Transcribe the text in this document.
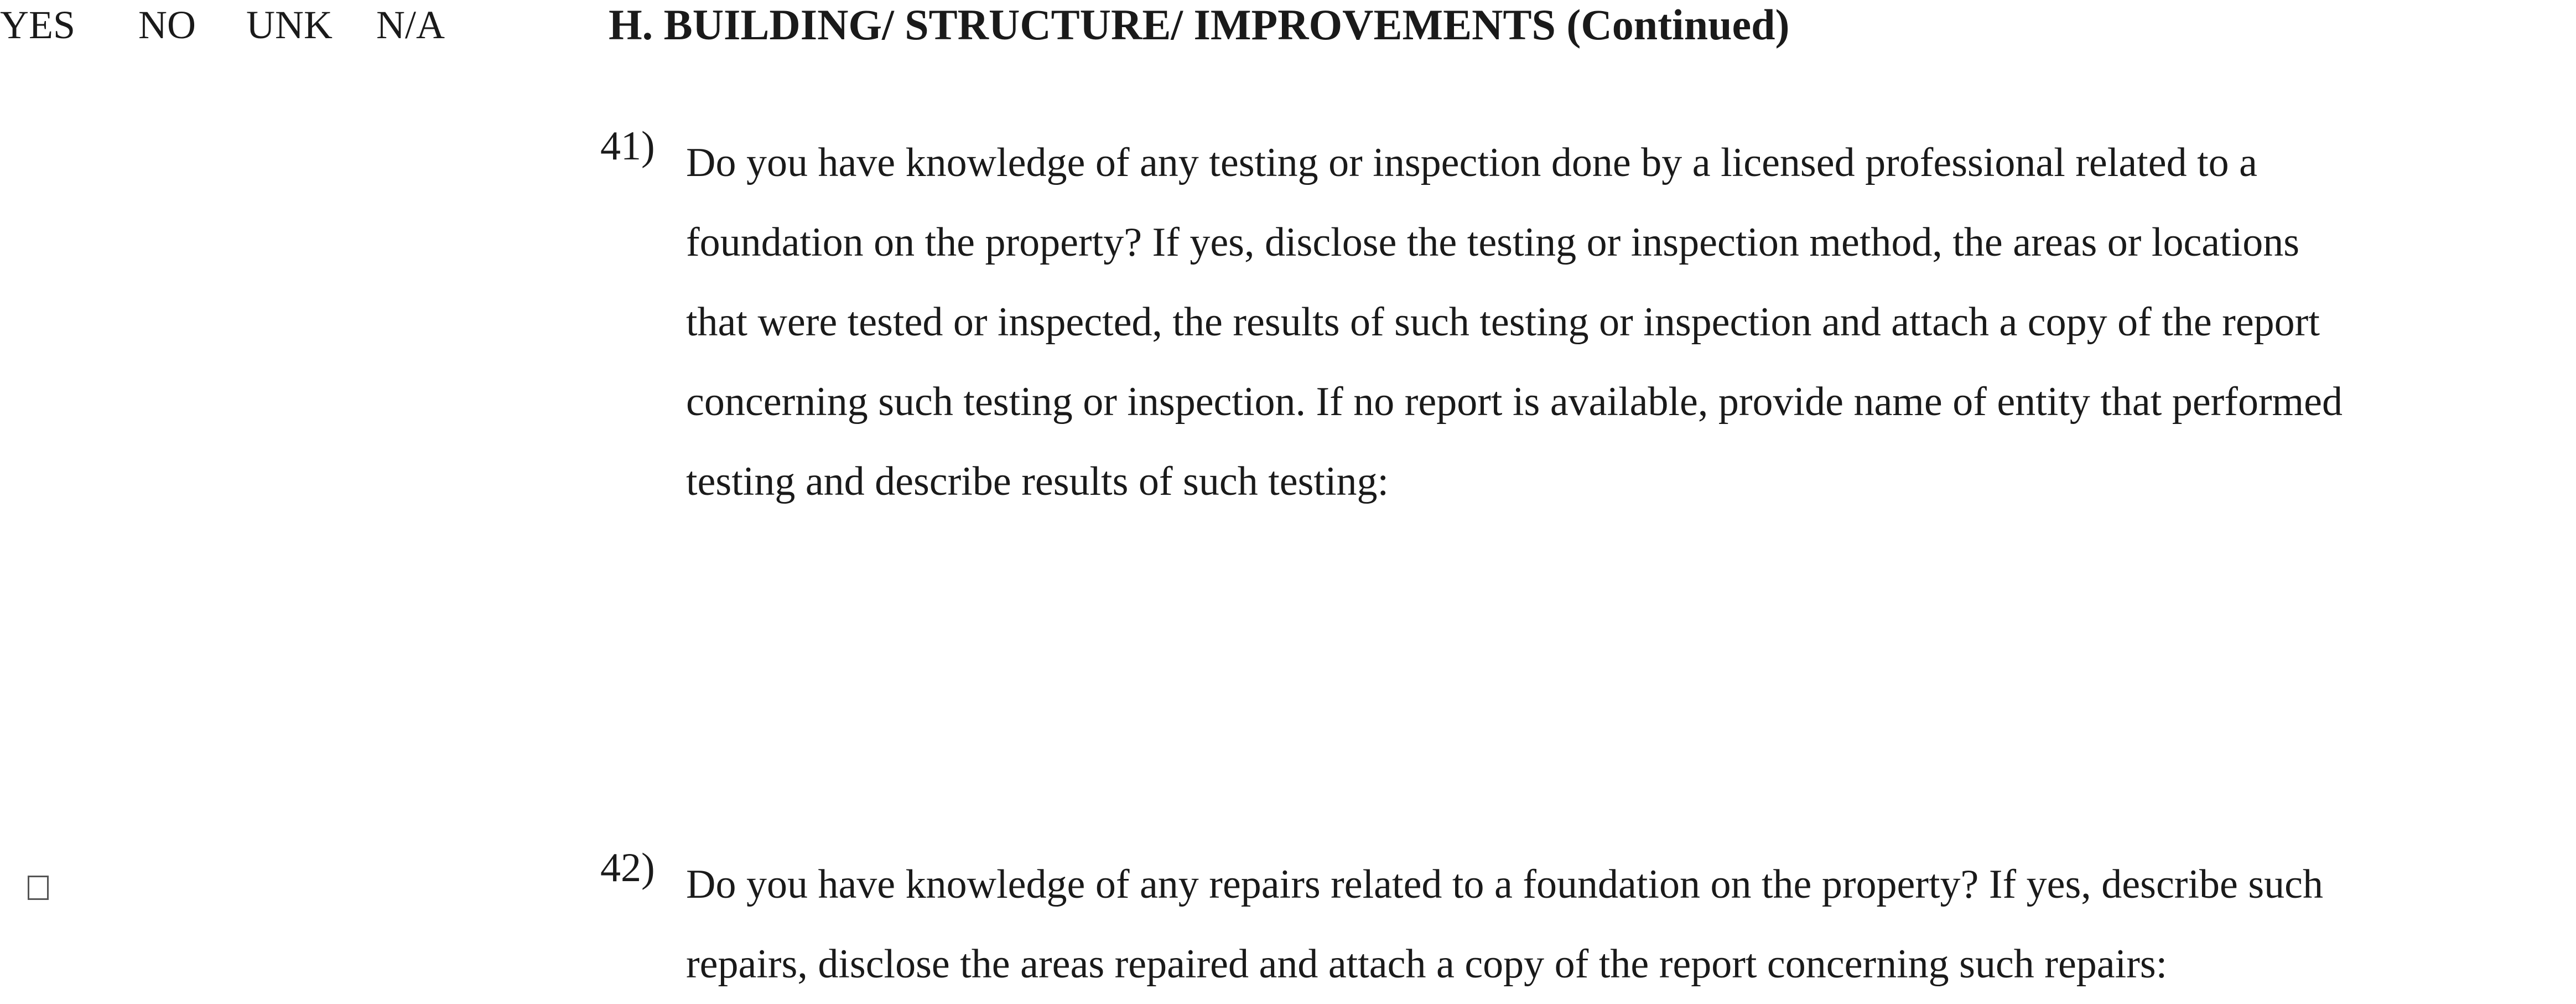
YES NO UNK N/A	H. BUILDING/ STRUCTURE/ IMPROVEMENTS (Continued)
41) Do you have knowledge of any testing or inspection done by a licensed professional related to a
foundation on the property? If yes, disclose the testing or inspection method, the areas or locations
that were tested or inspected, the results of such testing or inspection and attach a copy of the report
concerning such testing or inspection. If no report is available, provide name of entity that performed
testing and describe results of such testing:
42) Do you have knowledge of any repairs related to a foundation on the property? If yes, describe such
repairs, disclose the areas repaired and attach a copy of the report concerning such repairs:
